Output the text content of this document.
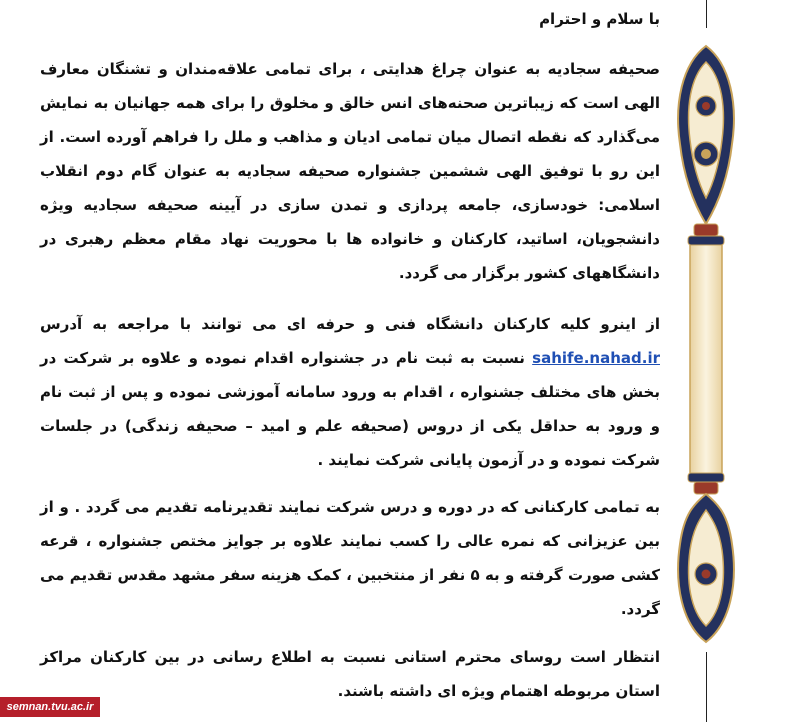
با سلام و احترام
صحیفه سجادیه به عنوان چراغ هدایتی ، برای تمامی علاقه‌مندان و تشنگان معارف الهی است که زیباترین صحنه‌های انس خالق و مخلوق را برای همه جهانیان به نمایش می‌گذارد که نقطه اتصال میان تمامی ادیان و مذاهب و ملل را فراهم آورده است. از این رو با توفیق الهی ششمین جشنواره صحیفه سجادیه به عنوان گام دوم انقلاب اسلامی: خودسازی، جامعه پردازی و تمدن سازی در آیینه صحیفه سجادیه ویژه دانشجویان، اساتید، کارکنان و خانواده ها با محوریت نهاد مقام معظم رهبری در دانشگاههای کشور برگزار می گردد.
از اینرو کلیه کارکنان دانشگاه فنی و حرفه ای می توانند با مراجعه به آدرس sahife.nahad.ir نسبت به ثبت نام در جشنواره اقدام نموده و علاوه بر شرکت در بخش های مختلف جشنواره ، اقدام به ورود سامانه آموزشی نموده و پس از ثبت نام و ورود به حداقل یکی از دروس (صحیفه علم و امید – صحیفه زندگی) در جلسات شرکت نموده و در آزمون پایانی شرکت نمایند .
به تمامی کارکنانی که در دوره و درس شرکت نمایند تقدیرنامه تقدیم می گردد . و از بین عزیزانی که نمره عالی را کسب نمایند علاوه بر جوایز مختص جشنواره ، قرعه کشی صورت گرفته و به ۵ نفر از منتخبین ، کمک هزینه سفر مشهد مقدس تقدیم می گردد.
انتظار است روسای محترم استانی نسبت به اطلاع رسانی در بین کارکنان مراکز استان مربوطه اهتمام ویژه ای داشته باشند.
semnan.tvu.ac.ir
